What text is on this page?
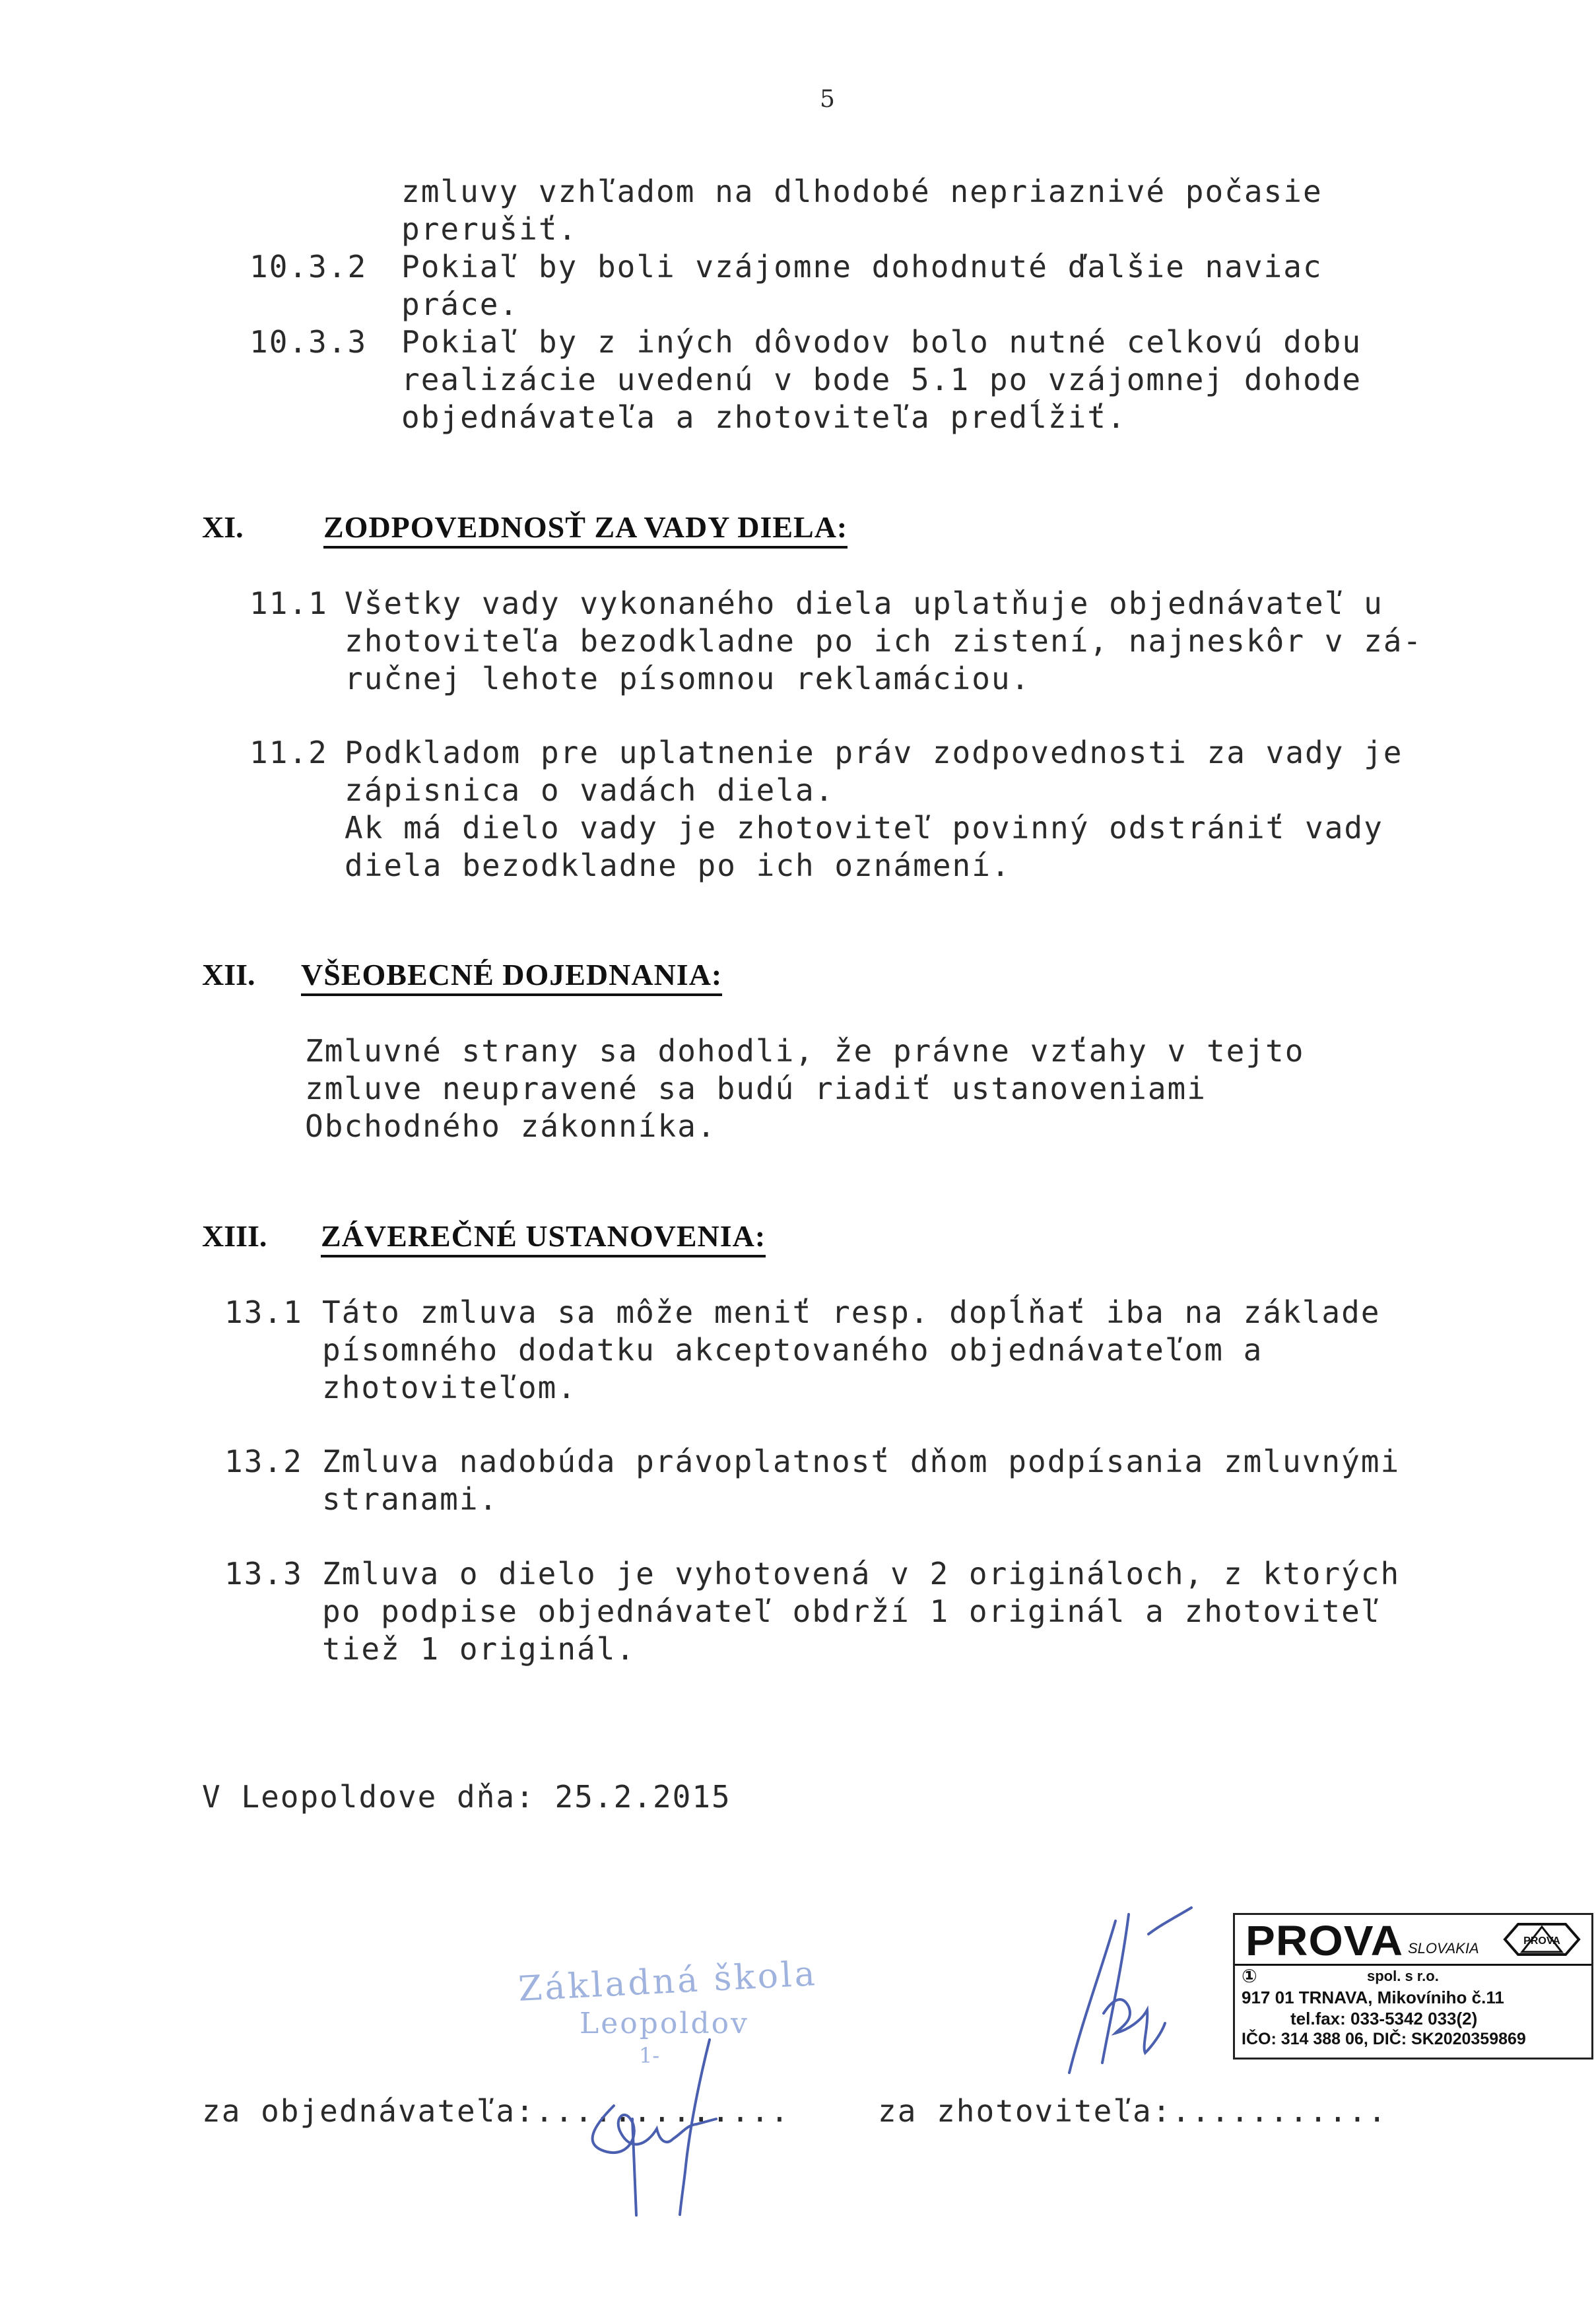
5
zmluvy vzhľadom na dlhodobé nepriaznivé počasie
prerušiť.
10.3.2 Pokiaľ by boli vzájomne dohodnuté ďalšie naviac
práce.
10.3.3 Pokiaľ by z iných dôvodov bolo nutné celkovú dobu
realizácie uvedenú v bode 5.1 po vzájomnej dohode
objednávateľa a zhotoviteľa predĺžiť.
XI.	ZODPOVEDNOSŤ ZA VADY DIELA:
11.1 Všetky vady vykonaného diela uplatňuje objednávateľ u
zhotoviteľa bezodkladne po ich zistení, najneskôr v zá-
ručnej lehote písomnou reklamáciou.
11.2 Podkladom pre uplatnenie práv zodpovednosti za vady je
zápisnica o vadách diela.
Ak má dielo vady je zhotoviteľ povinný odstrániť vady
diela bezodkladne po ich oznámení.
XII. VŠEOBECNÉ DOJEDNANIA:
Zmluvné strany sa dohodli, že právne vzťahy v tejto
zmluve neupravené sa budú riadiť ustanoveniami
Obchodného zákonníka.
XIII. ZÁVEREČNÉ USTANOVENIA:
13.1 Táto zmluva sa môže meniť resp. dopĺňať iba na základe
písomného dodatku akceptovaného objednávateľom a
zhotoviteľom.
13.2 Zmluva nadobúda právoplatnosť dňom podpísania zmluvnými
stranami.
13.3 Zmluva o dielo je vyhotovená v 2 origináloch, z ktorých
po podpise objednávateľ obdrží 1 originál a zhotoviteľ
tiež 1 originál.
V Leopoldove dňa: 25.2.2015
Základná škola
Leopoldov
1-
za objednávateľa:.............	za zhotoviteľa:...........
PROVA SLOVAKIA	PROVA
①	spol. s r.o.
917 01 TRNAVA, Mikovíniho č.11
tel.fax: 033-5342 033(2)
IČO: 314 388 06, DIČ: SK2020359869
